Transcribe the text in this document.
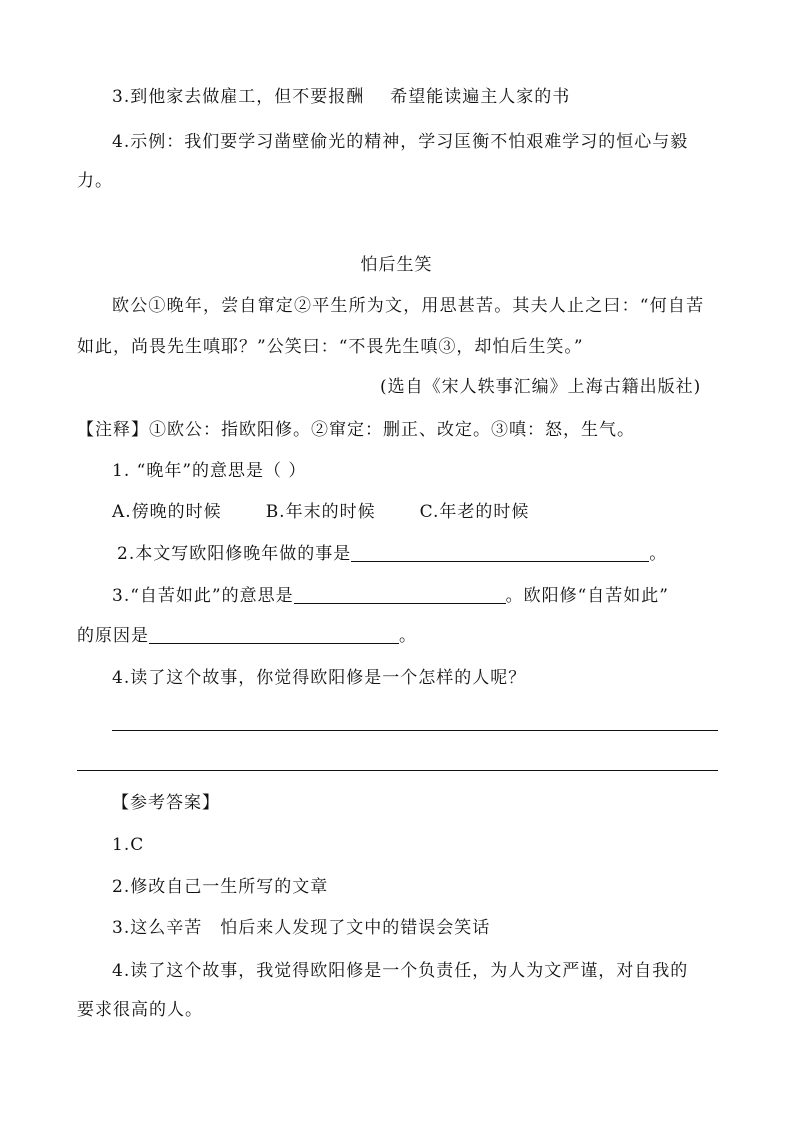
3.到他家去做雇工，但不要报酬 希望能读遍主人家的书
4.示例：我们要学习凿壁偷光的精神，学习匡衡不怕艰难学习的恒心与毅
力。
怕后生笑
欧公①晚年，尝自窜定②平生所为文，用思甚苦。其夫人止之曰：“何自苦
如此，尚畏先生嗔耶？”公笑曰：“不畏先生嗔③，却怕后生笑。”
(选自《宋人轶事汇编》上海古籍出版社)
【注释】①欧公：指欧阳修。②窜定：删正、改定。③嗔：怒，生气。
1. “晚年”的意思是（ ）
A.傍晚的时候	B.年末的时候	C.年老的时候
2.本文写欧阳修晚年做的事是	。
3.“自苦如此”的意思是	。欧阳修“自苦如此”
的原因是	。
4.读了这个故事，你觉得欧阳修是一个怎样的人呢？
【参考答案】
1.C
2.修改自己一生所写的文章
3.这么辛苦 怕后来人发现了文中的错误会笑话
4.读了这个故事，我觉得欧阳修是一个负责任，为人为文严谨，对自我的
要求很高的人。
